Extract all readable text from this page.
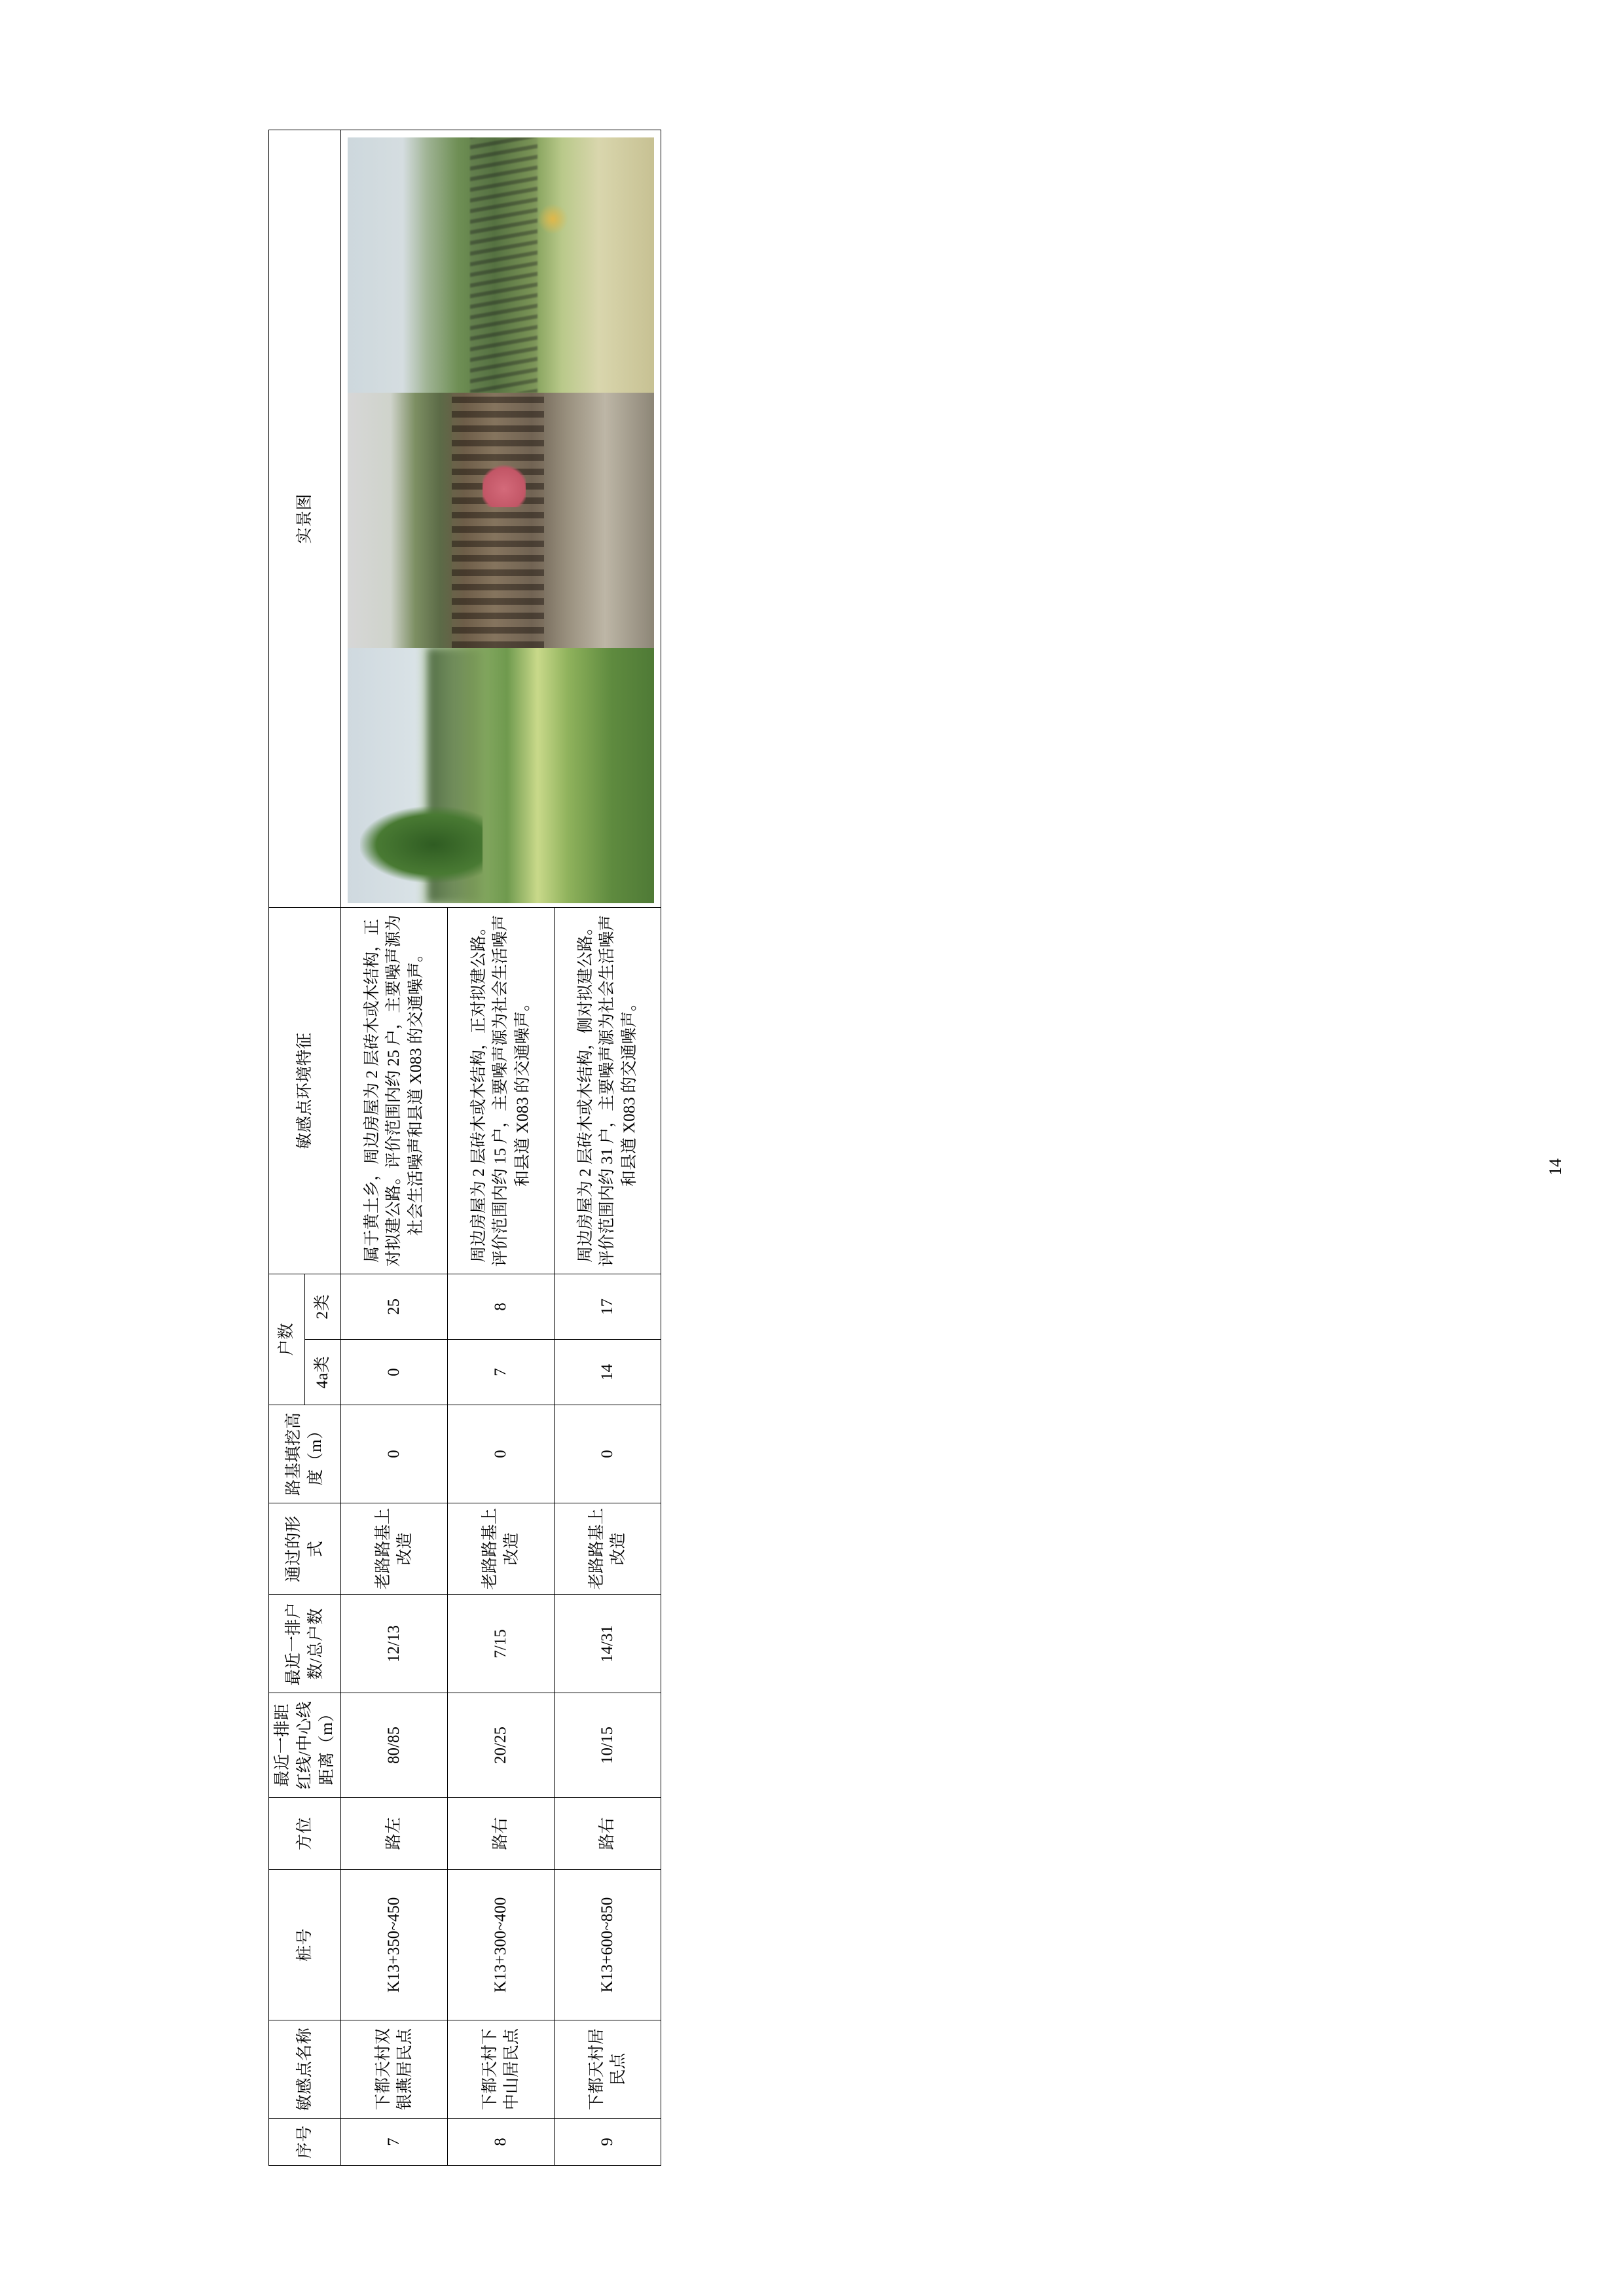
序号	敏感点名称	桩号	方位	最近一排距红线/中心线距离（m）	最近一排户数/总户数	通过的形式	路基填挖高度（m）	户数		敏感点环境特征	实景图
								4a类	2类		
7	下都天村双银燕居民点	K13+350~450	路左	80/85	12/13	老路路基上改造	0	0	25	属于黄土乡，周边房屋为 2 层砖木或木结构，正对拟建公路。评价范围内约 25 户，主要噪声源为社会生活噪声和县道 X083 的交通噪声。	

8	下都天村下中山居民点	K13+300~400	路右	20/25	7/15	老路路基上改造	0	7	8	周边房屋为 2 层砖木或木结构，正对拟建公路。评价范围内约 15 户，主要噪声源为社会生活噪声和县道 X083 的交通噪声。	
9	下都天村居民点	K13+600~850	路右	10/15	14/31	老路路基上改造	0	14	17	周边房屋为 2 层砖木或木结构，侧对拟建公路。评价范围内约 31 户，主要噪声源为社会生活噪声和县道 X083 的交通噪声。		14
